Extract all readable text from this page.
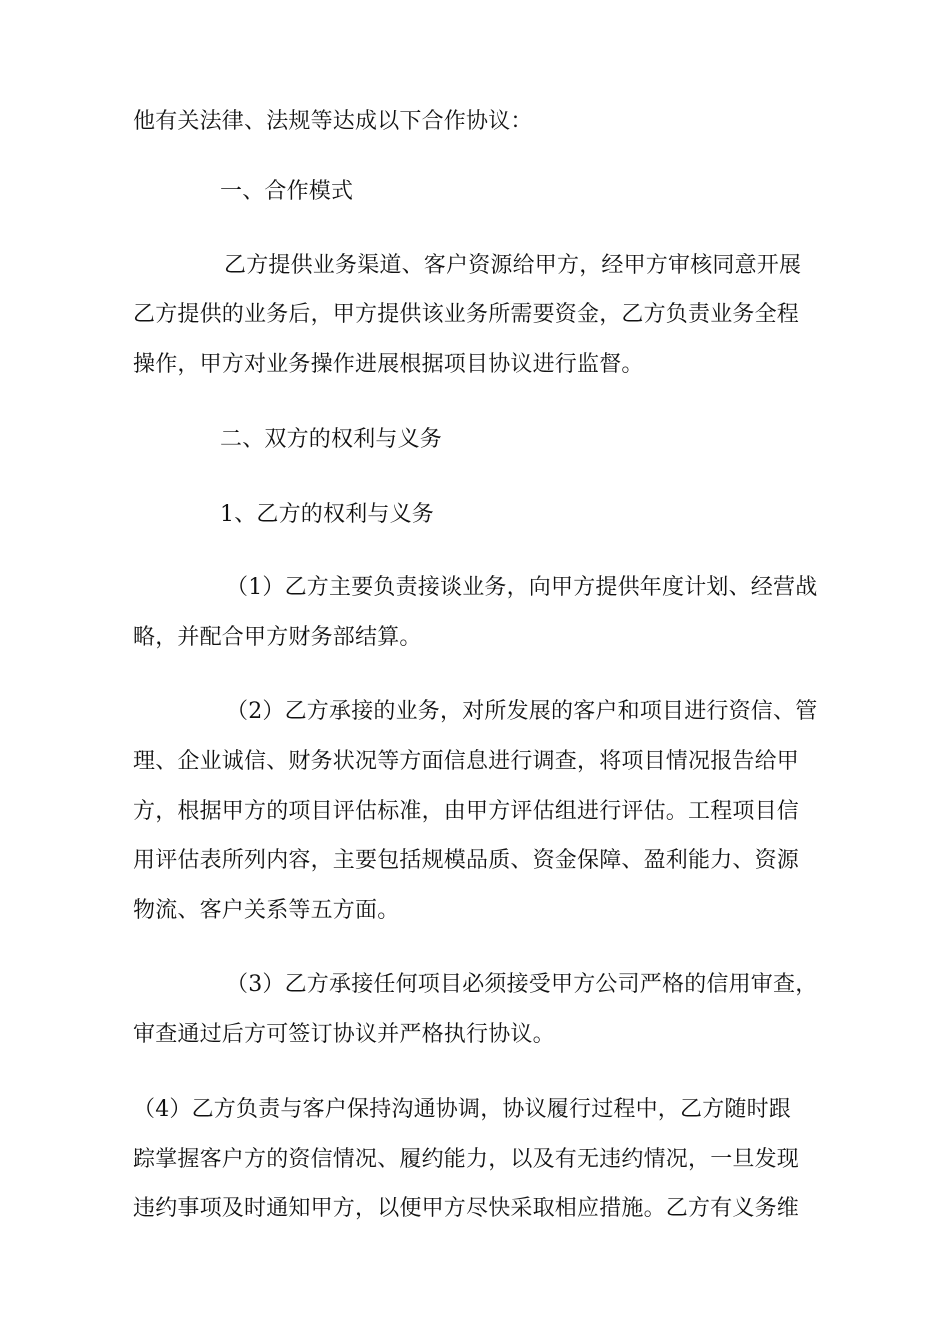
他有关法律、法规等达成以下合作协议：
一、合作模式
乙方提供业务渠道、客户资源给甲方，经甲方审核同意开展
乙方提供的业务后，甲方提供该业务所需要资金，乙方负责业务全程
操作，甲方对业务操作进展根据项目协议进行监督。
二、双方的权利与义务
1、乙方的权利与义务
（1）乙方主要负责接谈业务，向甲方提供年度计划、经营战
略，并配合甲方财务部结算。
（2）乙方承接的业务，对所发展的客户和项目进行资信、管
理、企业诚信、财务状况等方面信息进行调查，将项目情况报告给甲
方，根据甲方的项目评估标准，由甲方评估组进行评估。工程项目信
用评估表所列内容，主要包括规模品质、资金保障、盈利能力、资源
物流、客户关系等五方面。
（3）乙方承接任何项目必须接受甲方公司严格的信用审查，
审查通过后方可签订协议并严格执行协议。
（4）乙方负责与客户保持沟通协调，协议履行过程中，乙方随时跟
踪掌握客户方的资信情况、履约能力，以及有无违约情况，一旦发现
违约事项及时通知甲方，以便甲方尽快采取相应措施。乙方有义务维
